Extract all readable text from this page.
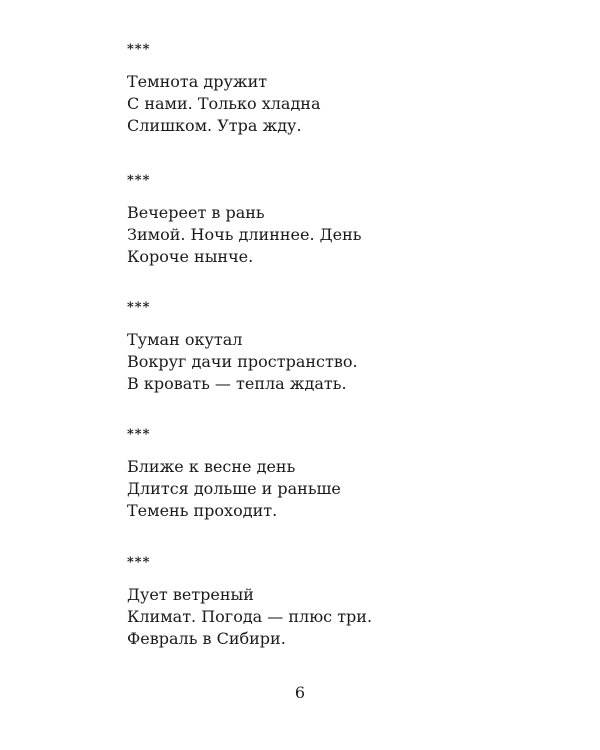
***
Темнота дружит
С нами. Только хладна
Слишком. Утра жду.
***
Вечереет в рань
Зимой. Ночь длиннее. День
Короче нынче.
***
Туман окутал
Вокруг дачи пространство.
В кровать — тепла ждать.
***
Ближе к весне день
Длится дольше и раньше
Темень проходит.
***
Дует ветреный
Климат. Погода — плюс три.
Февраль в Сибири.
6
